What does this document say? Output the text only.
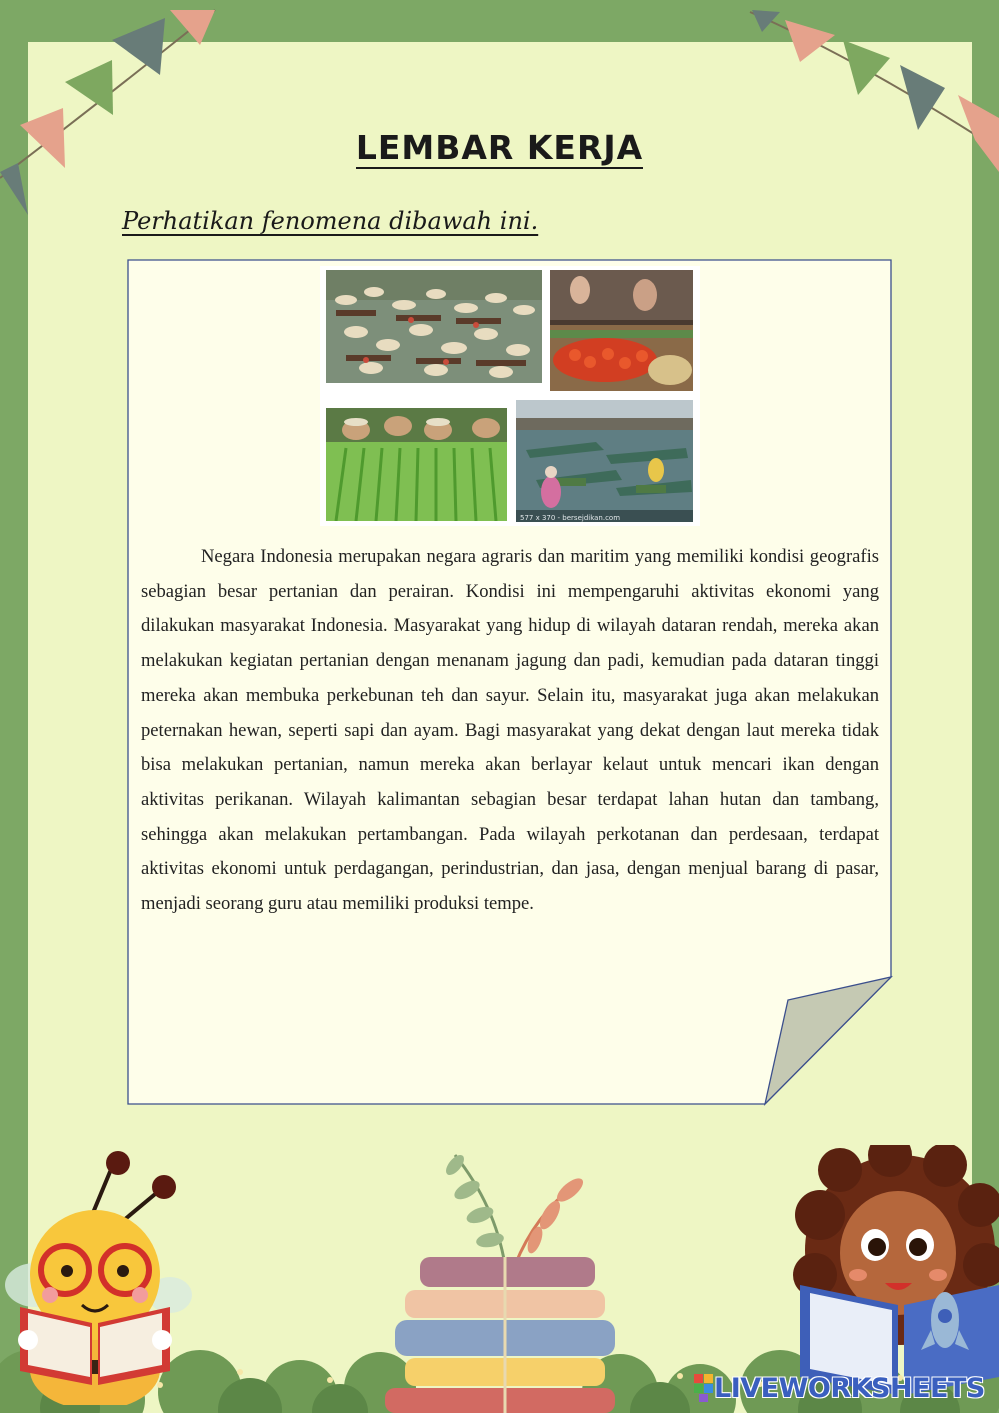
LEMBAR KERJA
Perhatikan fenomena dibawah ini.
577 x 370 - bersejdikan.com
Negara Indonesia merupakan negara agraris dan maritim yang memiliki kondisi geografis sebagian besar pertanian dan perairan. Kondisi ini mempengaruhi aktivitas ekonomi yang dilakukan masyarakat Indonesia. Masyarakat yang hidup di wilayah dataran rendah, mereka akan melakukan kegiatan pertanian dengan menanam jagung dan padi, kemudian pada dataran tinggi mereka akan membuka perkebunan teh dan sayur. Selain itu, masyarakat juga akan melakukan peternakan hewan, seperti sapi dan ayam. Bagi masyarakat yang dekat dengan laut mereka tidak bisa melakukan pertanian, namun mereka akan berlayar kelaut untuk mencari ikan dengan aktivitas perikanan. Wilayah kalimantan sebagian besar terdapat lahan hutan dan tambang, sehingga akan melakukan pertambangan. Pada wilayah perkotanan dan perdesaan, terdapat aktivitas ekonomi untuk perdagangan, perindustrian, dan jasa, dengan menjual barang di pasar, menjadi seorang guru atau memiliki produksi tempe.
LIVEWORKSHEETS
